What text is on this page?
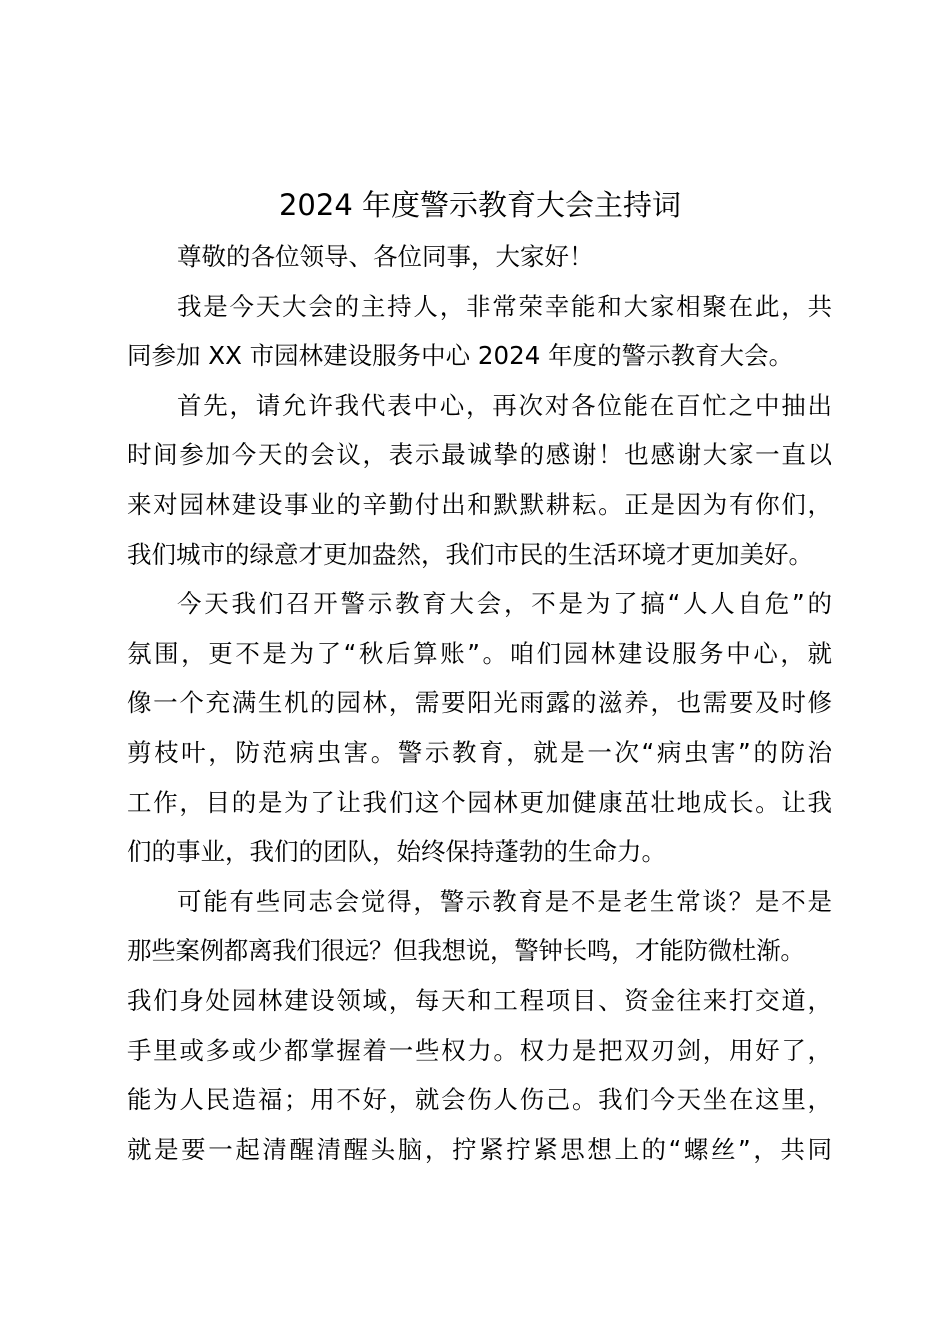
2024 年度警示教育大会主持词
尊敬的各位领导、各位同事，大家好！
我是今天大会的主持人，非常荣幸能和大家相聚在此，共
同参加 XX 市园林建设服务中心 2024 年度的警示教育大会。
首先，请允许我代表中心，再次对各位能在百忙之中抽出
时间参加今天的会议，表示最诚挚的感谢！也感谢大家一直以
来对园林建设事业的辛勤付出和默默耕耘。正是因为有你们，
我们城市的绿意才更加盎然，我们市民的生活环境才更加美好。
今天我们召开警示教育大会，不是为了搞“人人自危”的
氛围，更不是为了“秋后算账”。咱们园林建设服务中心，就
像一个充满生机的园林，需要阳光雨露的滋养，也需要及时修
剪枝叶，防范病虫害。警示教育，就是一次“病虫害”的防治
工作，目的是为了让我们这个园林更加健康茁壮地成长。让我
们的事业，我们的团队，始终保持蓬勃的生命力。
可能有些同志会觉得，警示教育是不是老生常谈？是不是
那些案例都离我们很远？但我想说，警钟长鸣，才能防微杜渐。
我们身处园林建设领域，每天和工程项目、资金往来打交道，
手里或多或少都掌握着一些权力。权力是把双刃剑，用好了，
能为人民造福；用不好，就会伤人伤己。我们今天坐在这里，
就是要一起清醒清醒头脑，拧紧拧紧思想上的“螺丝”，共同
